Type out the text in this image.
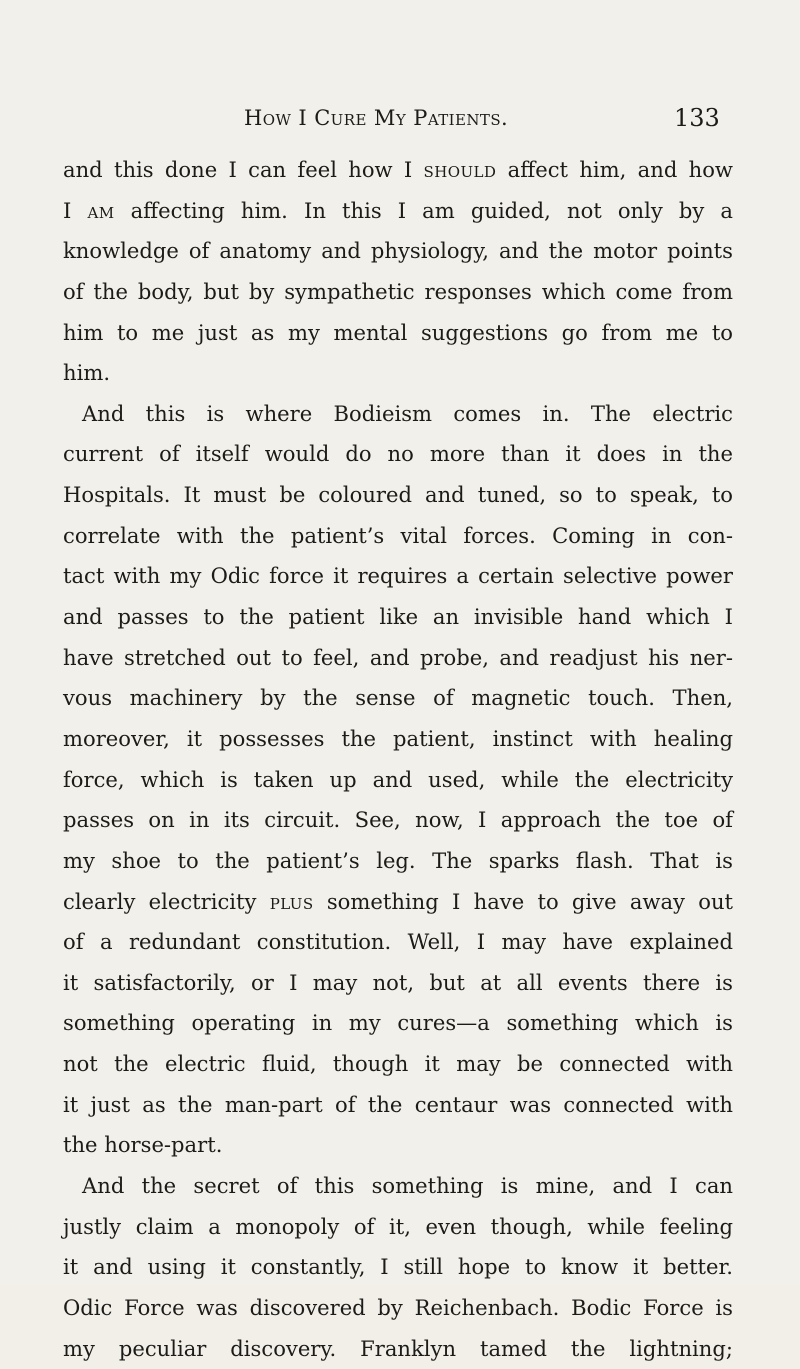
How I Cure My Patients.	133
and this done I can feel how I should affect him, and how
I am affecting him. In this I am guided, not only by a
knowledge of anatomy and physiology, and the motor points
of the body, but by sympathetic responses which come from
him to me just as my mental suggestions go from me to
him.
And this is where Bodieism comes in. The electric
current of itself would do no more than it does in the
Hospitals. It must be coloured and tuned, so to speak, to
correlate with the patient’s vital forces. Coming in con-
tact with my Odic force it requires a certain selective power
and passes to the patient like an invisible hand which I
have stretched out to feel, and probe, and readjust his ner-
vous machinery by the sense of magnetic touch. Then,
moreover, it possesses the patient, instinct with healing
force, which is taken up and used, while the electricity
passes on in its circuit. See, now, I approach the toe of
my shoe to the patient’s leg. The sparks flash. That is
clearly electricity plus something I have to give away out
of a redundant constitution. Well, I may have explained
it satisfactorily, or I may not, but at all events there is
something operating in my cures—a something which is
not the electric fluid, though it may be connected with
it just as the man-part of the centaur was connected with
the horse-part.
And the secret of this something is mine, and I can
justly claim a monopoly of it, even though, while feeling
it and using it constantly, I still hope to know it better.
Odic Force was discovered by Reichenbach. Bodic Force is
my peculiar discovery. Franklyn tamed the lightning;
